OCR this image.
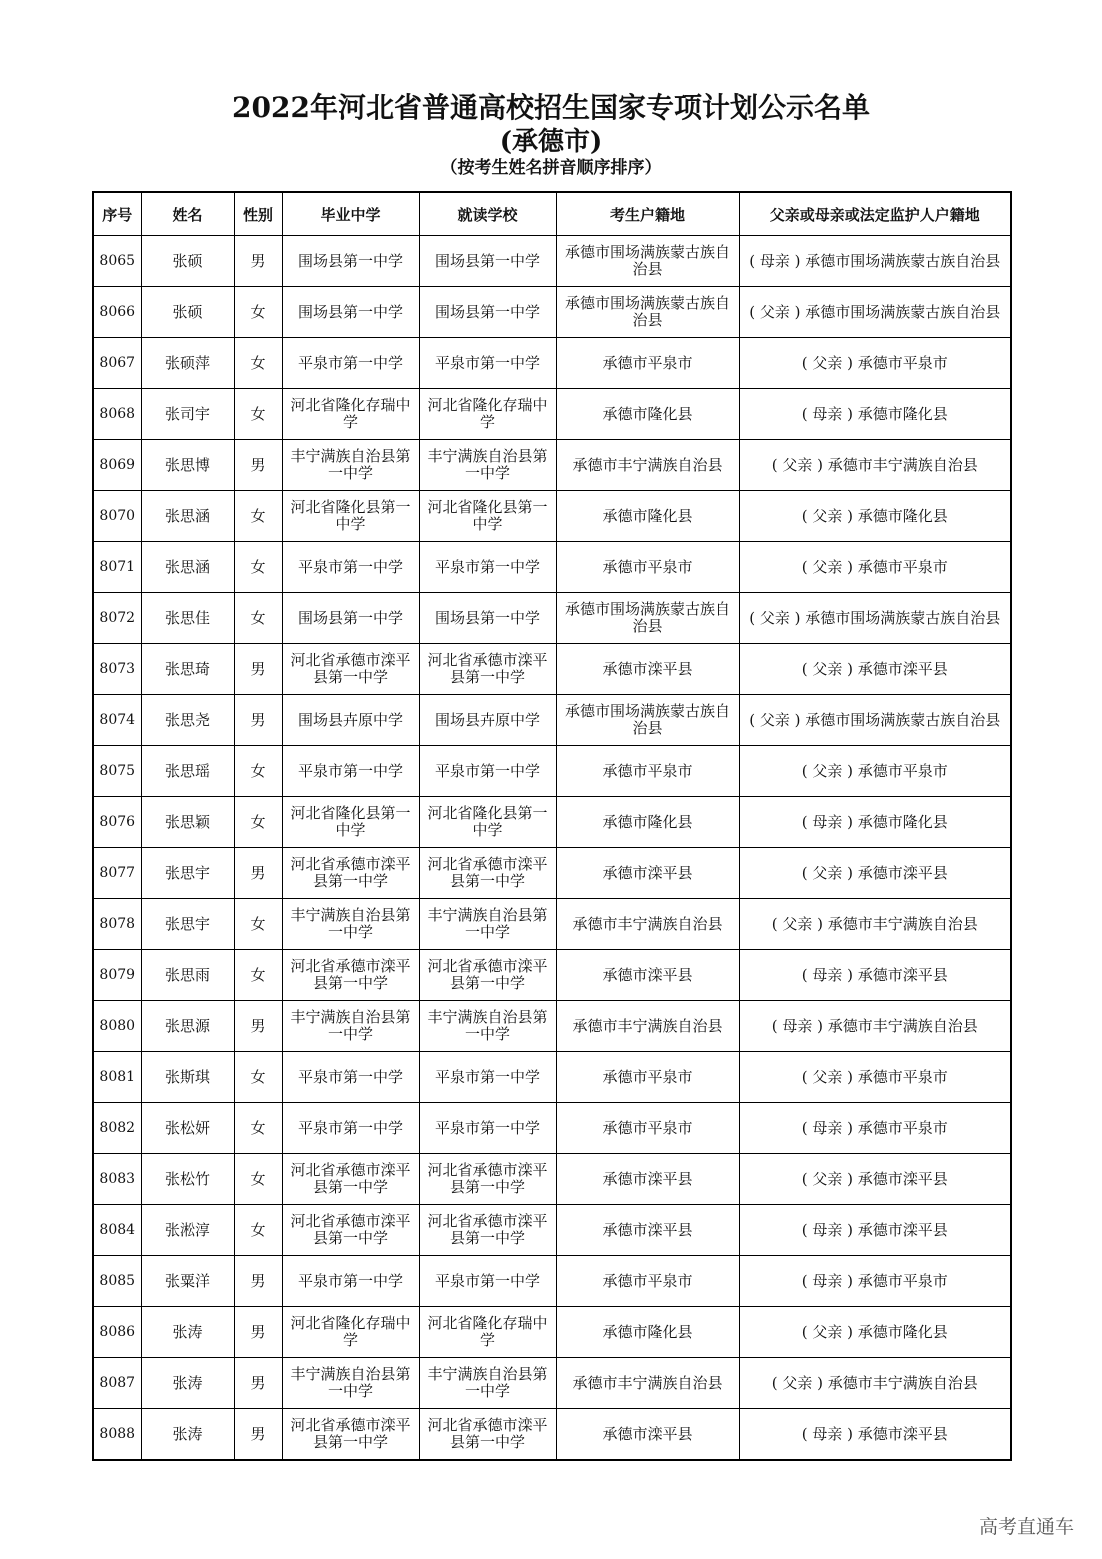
2022年河北省普通高校招生国家专项计划公示名单
(承德市)
（按考生姓名拼音顺序排序）
序号	姓名	性别	毕业中学	就读学校	考生户籍地	父亲或母亲或法定监护人户籍地
8065	张硕	男	围场县第一中学	围场县第一中学	承德市围场满族蒙古族自治县	( 母亲 ) 承德市围场满族蒙古族自治县
8066	张硕	女	围场县第一中学	围场县第一中学	承德市围场满族蒙古族自治县	( 父亲 ) 承德市围场满族蒙古族自治县
8067	张硕萍	女	平泉市第一中学	平泉市第一中学	承德市平泉市	( 父亲 ) 承德市平泉市
8068	张司宇	女	河北省隆化存瑞中学	河北省隆化存瑞中学	承德市隆化县	( 母亲 ) 承德市隆化县
8069	张思博	男	丰宁满族自治县第一中学	丰宁满族自治县第一中学	承德市丰宁满族自治县	( 父亲 ) 承德市丰宁满族自治县
8070	张思涵	女	河北省隆化县第一中学	河北省隆化县第一中学	承德市隆化县	( 父亲 ) 承德市隆化县
8071	张思涵	女	平泉市第一中学	平泉市第一中学	承德市平泉市	( 父亲 ) 承德市平泉市
8072	张思佳	女	围场县第一中学	围场县第一中学	承德市围场满族蒙古族自治县	( 父亲 ) 承德市围场满族蒙古族自治县
8073	张思琦	男	河北省承德市滦平县第一中学	河北省承德市滦平县第一中学	承德市滦平县	( 父亲 ) 承德市滦平县
8074	张思尧	男	围场县卉原中学	围场县卉原中学	承德市围场满族蒙古族自治县	( 父亲 ) 承德市围场满族蒙古族自治县
8075	张思瑶	女	平泉市第一中学	平泉市第一中学	承德市平泉市	( 父亲 ) 承德市平泉市
8076	张思颖	女	河北省隆化县第一中学	河北省隆化县第一中学	承德市隆化县	( 母亲 ) 承德市隆化县
8077	张思宇	男	河北省承德市滦平县第一中学	河北省承德市滦平县第一中学	承德市滦平县	( 父亲 ) 承德市滦平县
8078	张思宇	女	丰宁满族自治县第一中学	丰宁满族自治县第一中学	承德市丰宁满族自治县	( 父亲 ) 承德市丰宁满族自治县
8079	张思雨	女	河北省承德市滦平县第一中学	河北省承德市滦平县第一中学	承德市滦平县	( 母亲 ) 承德市滦平县
8080	张思源	男	丰宁满族自治县第一中学	丰宁满族自治县第一中学	承德市丰宁满族自治县	( 母亲 ) 承德市丰宁满族自治县
8081	张斯琪	女	平泉市第一中学	平泉市第一中学	承德市平泉市	( 父亲 ) 承德市平泉市
8082	张松妍	女	平泉市第一中学	平泉市第一中学	承德市平泉市	( 母亲 ) 承德市平泉市
8083	张松竹	女	河北省承德市滦平县第一中学	河北省承德市滦平县第一中学	承德市滦平县	( 父亲 ) 承德市滦平县
8084	张淞淳	女	河北省承德市滦平县第一中学	河北省承德市滦平县第一中学	承德市滦平县	( 母亲 ) 承德市滦平县
8085	张粟洋	男	平泉市第一中学	平泉市第一中学	承德市平泉市	( 母亲 ) 承德市平泉市
8086	张涛	男	河北省隆化存瑞中学	河北省隆化存瑞中学	承德市隆化县	( 父亲 ) 承德市隆化县
8087	张涛	男	丰宁满族自治县第一中学	丰宁满族自治县第一中学	承德市丰宁满族自治县	( 父亲 ) 承德市丰宁满族自治县
8088	张涛	男	河北省承德市滦平县第一中学	河北省承德市滦平县第一中学	承德市滦平县	( 母亲 ) 承德市滦平县
高考直通车
